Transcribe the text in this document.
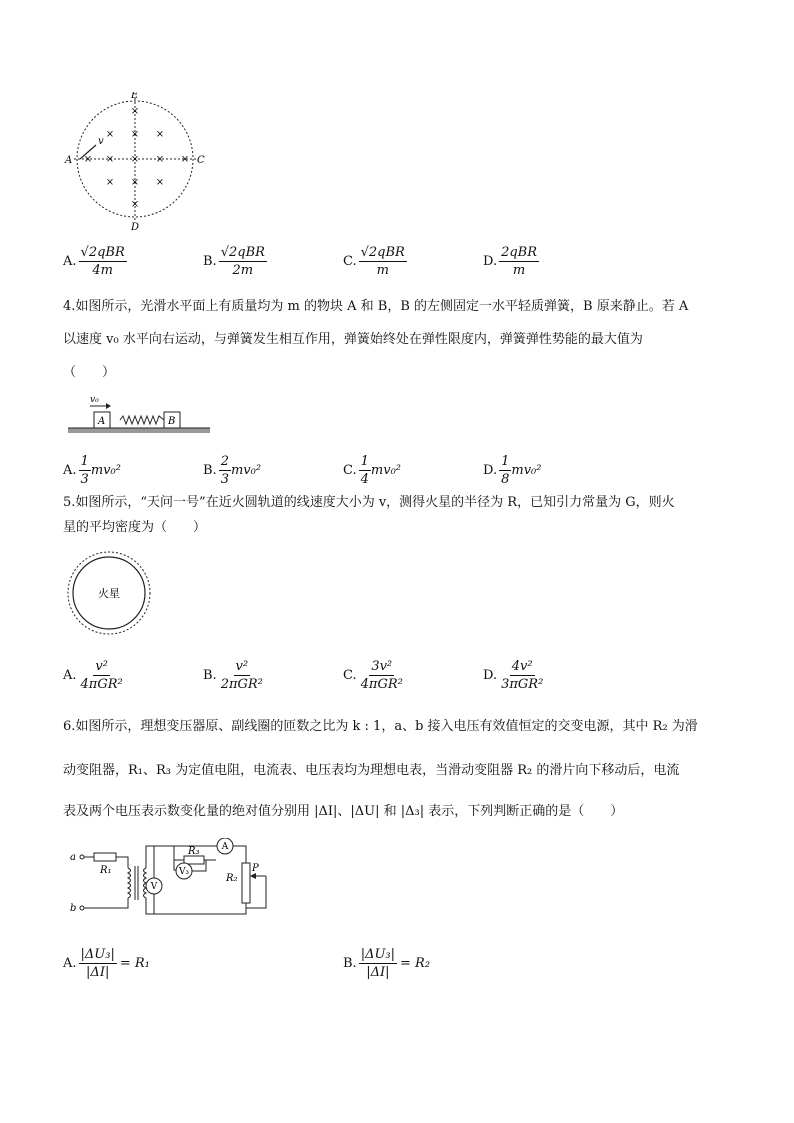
v
E
D
A	C
×
× × ×
× × × × ×
× × ×
×
A. $\frac{\text{√2qBR}}{4m}$	B. $\frac{\text{√2qBR}}{2m}$	C. $\frac{\text{√2qBR}}{m}$	D. $\frac{\text{2qBR}}{m}$
4.如图所示，光滑水平面上有质量均为 m 的物块 A 和 B，B 的左侧固定一水平轻质弹簧，B 原来静止。若 A
以速度 v₀ 水平向右运动，与弹簧发生相互作用，弹簧始终处在弹性限度内，弹簧弹性势能的最大值为
（　　）
A	B
v₀
A. $\frac{1}{3} mv_0^2$	B. $\frac{2}{3} mv_0^2$	C. $\frac{1}{4} mv_0^2$	D. $\frac{1}{8} mv_0^2$
5.如图所示，“天问一号”在近火圆轨道的线速度大小为 v，测得火星的半径为 R，已知引力常量为 G，则火
星的平均密度为（　　）
火星
A. $\frac{\text{v²}}{\text{4πGR²}}$	B. $\frac{\text{v²}}{\text{2πGR²}}$	C. $\frac{\text{3v²}}{\text{4πGR²}}$	D. $\frac{\text{4v²}}{\text{3πGR²}}$
6.如图所示，理想变压器原、副线圈的匝数之比为 k : 1，a、b 接入电压有效值恒定的交变电源，其中 R₂ 为滑
动变阻器，R₁、R₃ 为定值电阻，电流表、电压表均为理想电表，当滑动变阻器 R₂ 的滑片向下移动后，电流
表及两个电压表示数变化量的绝对值分别用 |ΔI|、|ΔU| 和 |Δ₃| 表示，下列判断正确的是（　　）
a
b
R₁
R₃
R₂
P
V
V₃
A
A. $\frac{\text{|ΔU₃|}}{|\Delta I|} = R_1$	B. $\frac{\text{|ΔU₃|}}{|\Delta I|} = R_2$
